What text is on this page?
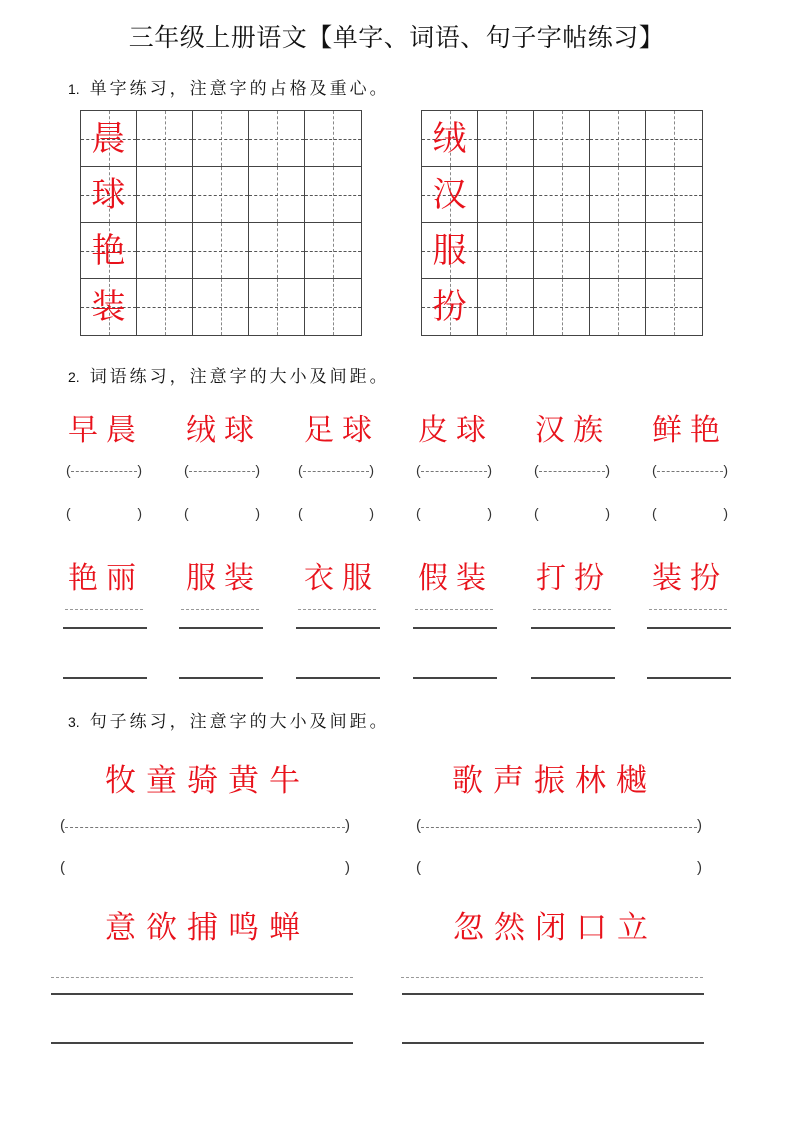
三年级上册语文【单字、词语、句子字帖练习】
1. 单字练习，注意字的占格及重心。
晨
球
艳
装
绒
汉
服
扮
2. 词语练习，注意字的大小及间距。
早晨 绒球 足球 皮球 汉族 鲜艳
(	)	(	)	(	)	(	)	(	)	(	)
(	)	(	)	(	)	(	)	(	)	(	)
艳丽 服装 衣服 假装 打扮 装扮
3. 句子练习，注意字的大小及间距。
牧童骑黄牛	歌声振林樾
(	)	(	)
(	)	(	)
意欲捕鸣蝉	忽然闭口立
